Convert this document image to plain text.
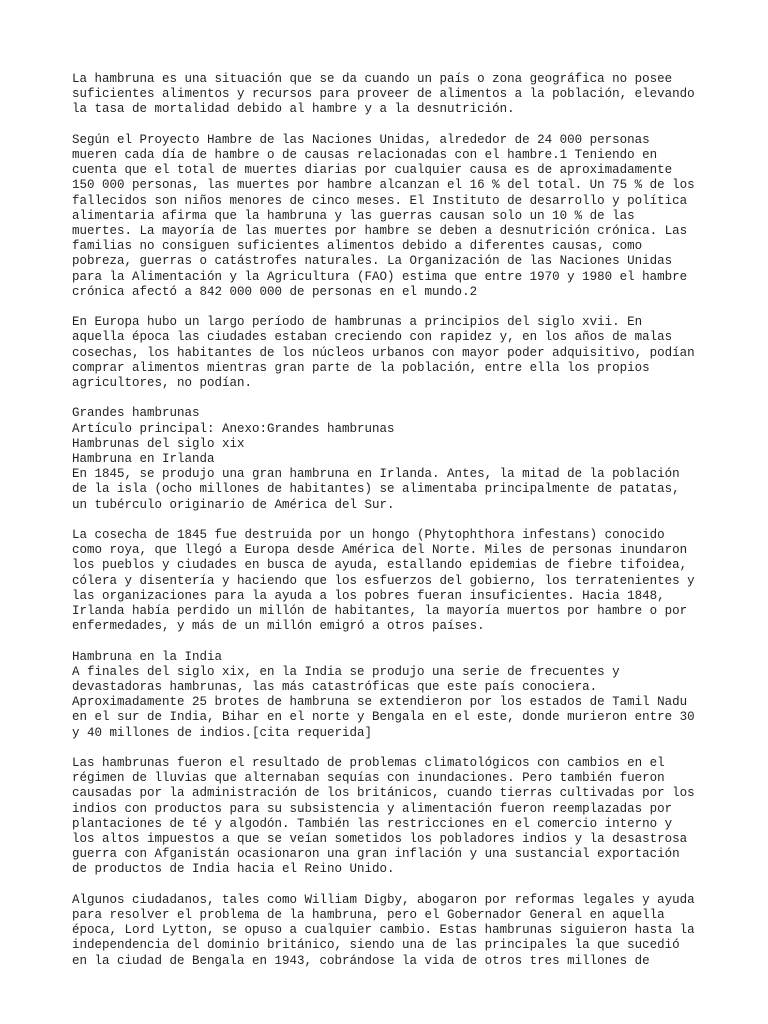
La hambruna es una situación que se da cuando un país o zona geográfica no posee
suficientes alimentos y recursos para proveer de alimentos a la población, elevando
la tasa de mortalidad debido al hambre y a la desnutrición.

Según el Proyecto Hambre de las Naciones Unidas, alrededor de 24 000 personas
mueren cada día de hambre o de causas relacionadas con el hambre.1 Teniendo en
cuenta que el total de muertes diarias por cualquier causa es de aproximadamente
150 000 personas, las muertes por hambre alcanzan el 16 % del total. Un 75 % de los
fallecidos son niños menores de cinco meses. El Instituto de desarrollo y política
alimentaria afirma que la hambruna y las guerras causan solo un 10 % de las
muertes. La mayoría de las muertes por hambre se deben a desnutrición crónica. Las
familias no consiguen suficientes alimentos debido a diferentes causas, como
pobreza, guerras o catástrofes naturales. La Organización de las Naciones Unidas
para la Alimentación y la Agricultura (FAO) estima que entre 1970 y 1980 el hambre
crónica afectó a 842 000 000 de personas en el mundo.2

En Europa hubo un largo período de hambrunas a principios del siglo xvii. En
aquella época las ciudades estaban creciendo con rapidez y, en los años de malas
cosechas, los habitantes de los núcleos urbanos con mayor poder adquisitivo, podían
comprar alimentos mientras gran parte de la población, entre ella los propios
agricultores, no podían.

Grandes hambrunas
Artículo principal: Anexo:Grandes hambrunas
Hambrunas del siglo xix
Hambruna en Irlanda
En 1845, se produjo una gran hambruna en Irlanda. Antes, la mitad de la población
de la isla (ocho millones de habitantes) se alimentaba principalmente de patatas,
un tubérculo originario de América del Sur.

La cosecha de 1845 fue destruida por un hongo (Phytophthora infestans) conocido
como roya, que llegó a Europa desde América del Norte. Miles de personas inundaron
los pueblos y ciudades en busca de ayuda, estallando epidemias de fiebre tifoidea,
cólera y disentería y haciendo que los esfuerzos del gobierno, los terratenientes y
las organizaciones para la ayuda a los pobres fueran insuficientes. Hacia 1848,
Irlanda había perdido un millón de habitantes, la mayoría muertos por hambre o por
enfermedades, y más de un millón emigró a otros países.

Hambruna en la India
A finales del siglo xix, en la India se produjo una serie de frecuentes y
devastadoras hambrunas, las más catastróficas que este país conociera.
Aproximadamente 25 brotes de hambruna se extendieron por los estados de Tamil Nadu
en el sur de India, Bihar en el norte y Bengala en el este, donde murieron entre 30
y 40 millones de indios.[cita requerida]

Las hambrunas fueron el resultado de problemas climatológicos con cambios en el
régimen de lluvias que alternaban sequías con inundaciones. Pero también fueron
causadas por la administración de los británicos, cuando tierras cultivadas por los
indios con productos para su subsistencia y alimentación fueron reemplazadas por
plantaciones de té y algodón. También las restricciones en el comercio interno y
los altos impuestos a que se veían sometidos los pobladores indios y la desastrosa
guerra con Afganistán ocasionaron una gran inflación y una sustancial exportación
de productos de India hacia el Reino Unido.

Algunos ciudadanos, tales como William Digby, abogaron por reformas legales y ayuda
para resolver el problema de la hambruna, pero el Gobernador General en aquella
época, Lord Lytton, se opuso a cualquier cambio. Estas hambrunas siguieron hasta la
independencia del dominio británico, siendo una de las principales la que sucedió
en la ciudad de Bengala en 1943, cobrándose la vida de otros tres millones de
